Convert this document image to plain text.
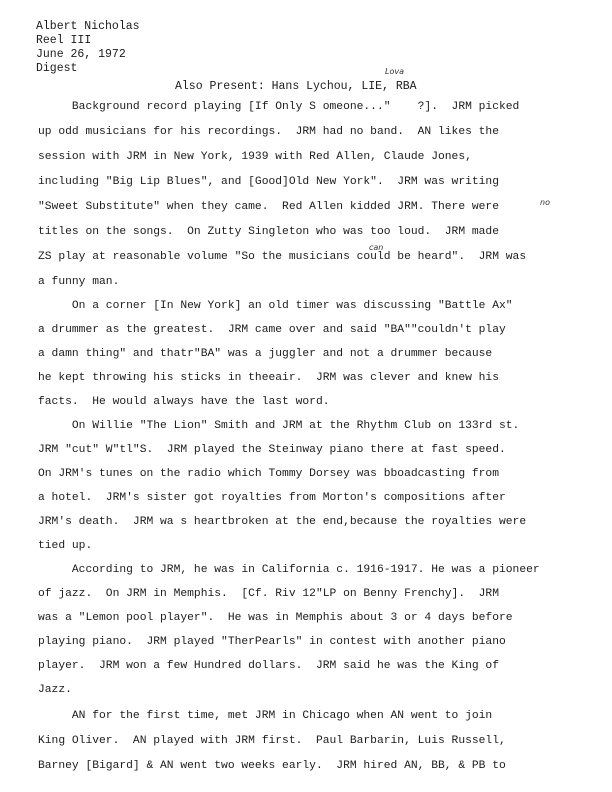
Albert Nicholas
Reel III
June 26, 1972
Digest
Also Present: Hans Lychou, LIE, RBA
Lova
no
can
Background record playing [If Only S omeone..."    ?].  JRM picked
up odd musicians for his recordings.  JRM had no band.  AN likes the
session with JRM in New York, 1939 with Red Allen, Claude Jones,
including "Big Lip Blues", and [Good]Old New York".  JRM was writing
"Sweet Substitute" when they came.  Red Allen kidded JRM. There were
titles on the songs.  On Zutty Singleton who was too loud.  JRM made
ZS play at reasonable volume "So the musicians could be heard".  JRM was
a funny man.
On a corner [In New York] an old timer was discussing "Battle Ax"
a drummer as the greatest.  JRM came over and said "BA""couldn't play
a damn thing" and thatr"BA" was a juggler and not a drummer because
he kept throwing his sticks in theeair.  JRM was clever and knew his
facts.  He would always have the last word.
On Willie "The Lion" Smith and JRM at the Rhythm Club on 133rd st.
JRM "cut" W"tl"S.  JRM played the Steinway piano there at fast speed.
On JRM's tunes on the radio which Tommy Dorsey was bboadcasting from
a hotel.  JRM's sister got royalties from Morton's compositions after
JRM's death.  JRM wa s heartbroken at the end,because the royalties were
tied up.
According to JRM, he was in California c. 1916-1917. He was a pioneer
of jazz.  On JRM in Memphis.  [Cf. Riv 12"LP on Benny Frenchy].  JRM
was a "Lemon pool player".  He was in Memphis about 3 or 4 days before
playing piano.  JRM played "TherPearls" in contest with another piano
player.  JRM won a few Hundred dollars.  JRM said he was the King of
Jazz.
AN for the first time, met JRM in Chicago when AN went to join
King Oliver.  AN played with JRM first.  Paul Barbarin, Luis Russell,
Barney [Bigard] & AN went two weeks early.  JRM hired AN, BB, & PB to
